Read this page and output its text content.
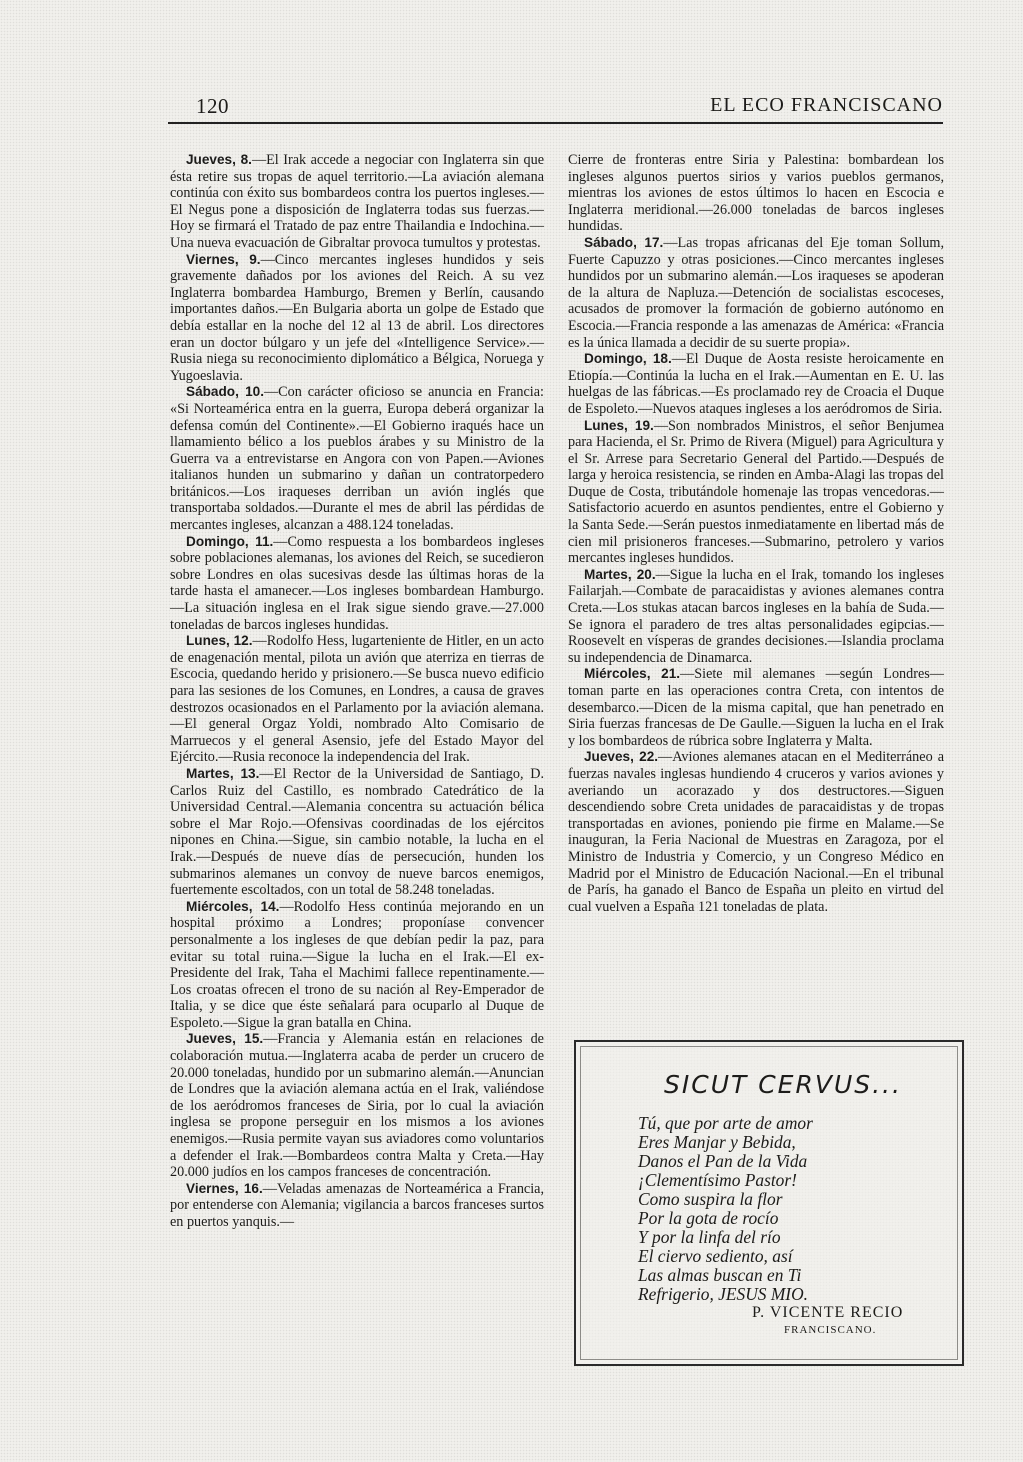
120	EL ECO FRANCISCANO

Jueves, 8.—El Irak accede a negociar con Inglaterra sin que ésta retire sus tropas de aquel territorio.—La aviación alemana continúa con éxito sus bombardeos contra los puertos ingleses.—El Negus pone a disposición de Inglaterra todas sus fuerzas.—Hoy se firmará el Tratado de paz entre Thailandia e Indochina.—Una nueva evacuación de Gibraltar provoca tumultos y protestas.

Viernes, 9.—Cinco mercantes ingleses hundidos y seis gravemente dañados por los aviones del Reich. A su vez Inglaterra bombardea Hamburgo, Bremen y Berlín, causando importantes daños.—En Bulgaria aborta un golpe de Estado que debía estallar en la noche del 12 al 13 de abril. Los directores eran un doctor búlgaro y un jefe del «Intelligence Service».—Rusia niega su reconocimiento diplomático a Bélgica, Noruega y Yugoeslavia.

Sábado, 10.—Con carácter oficioso se anuncia en Francia: «Si Norteamérica entra en la guerra, Europa deberá organizar la defensa común del Continente».—El Gobierno iraqués hace un llamamiento bélico a los pueblos árabes y su Ministro de la Guerra va a entrevistarse en Angora con von Papen.—Aviones italianos hunden un submarino y dañan un contratorpedero británicos.—Los iraqueses derriban un avión inglés que transportaba soldados.—Durante el mes de abril las pérdidas de mercantes ingleses, alcanzan a 488.124 toneladas.

Domingo, 11.—Como respuesta a los bombardeos ingleses sobre poblaciones alemanas, los aviones del Reich, se sucedieron sobre Londres en olas sucesivas desde las últimas horas de la tarde hasta el amanecer.—Los ingleses bombardean Hamburgo.—La situación inglesa en el Irak sigue siendo grave.—27.000 toneladas de barcos ingleses hundidas.

Lunes, 12.—Rodolfo Hess, lugarteniente de Hitler, en un acto de enagenación mental, pilota un avión que aterriza en tierras de Escocia, quedando herido y prisionero.—Se busca nuevo edificio para las sesiones de los Comunes, en Londres, a causa de graves destrozos ocasionados en el Parlamento por la aviación alemana.—El general Orgaz Yoldi, nombrado Alto Comisario de Marruecos y el general Asensio, jefe del Estado Mayor del Ejército.—Rusia reconoce la independencia del Irak.

Martes, 13.—El Rector de la Universidad de Santiago, D. Carlos Ruiz del Castillo, es nombrado Catedrático de la Universidad Central.—Alemania concentra su actuación bélica sobre el Mar Rojo.—Ofensivas coordinadas de los ejércitos nipones en China.—Sigue, sin cambio notable, la lucha en el Irak.—Después de nueve días de persecución, hunden los submarinos alemanes un convoy de nueve barcos enemigos, fuertemente escoltados, con un total de 58.248 toneladas.

Miércoles, 14.—Rodolfo Hess continúa mejorando en un hospital próximo a Londres; proponíase convencer personalmente a los ingleses de que debían pedir la paz, para evitar su total ruina.—Sigue la lucha en el Irak.—El ex-Presidente del Irak, Taha el Machimi fallece repentinamente.—Los croatas ofrecen el trono de su nación al Rey-Emperador de Italia, y se dice que éste señalará para ocuparlo al Duque de Espoleto.—Sigue la gran batalla en China.

Jueves, 15.—Francia y Alemania están en relaciones de colaboración mutua.—Inglaterra acaba de perder un crucero de 20.000 toneladas, hundido por un submarino alemán.—Anuncian de Londres que la aviación alemana actúa en el Irak, valiéndose de los aeródromos franceses de Siria, por lo cual la aviación inglesa se propone perseguir en los mismos a los aviones enemigos.—Rusia permite vayan sus aviadores como voluntarios a defender el Irak.—Bombardeos contra Malta y Creta.—Hay 20.000 judíos en los campos franceses de concentración.

Viernes, 16.—Veladas amenazas de Norteamérica a Francia, por entenderse con Alemania; vigilancia a barcos franceses surtos en puertos yanquis.—

Cierre de fronteras entre Siria y Palestina: bombardean los ingleses algunos puertos sirios y varios pueblos germanos, mientras los aviones de estos últimos lo hacen en Escocia e Inglaterra meridional.—26.000 toneladas de barcos ingleses hundidas.

Sábado, 17.—Las tropas africanas del Eje toman Sollum, Fuerte Capuzzo y otras posiciones.—Cinco mercantes ingleses hundidos por un submarino alemán.—Los iraqueses se apoderan de la altura de Napluza.—Detención de socialistas escoceses, acusados de promover la formación de gobierno autónomo en Escocia.—Francia responde a las amenazas de América: «Francia es la única llamada a decidir de su suerte propia».

Domingo, 18.—El Duque de Aosta resiste heroicamente en Etiopía.—Continúa la lucha en el Irak.—Aumentan en E. U. las huelgas de las fábricas.—Es proclamado rey de Croacia el Duque de Espoleto.—Nuevos ataques ingleses a los aeródromos de Siria.

Lunes, 19.—Son nombrados Ministros, el señor Benjumea para Hacienda, el Sr. Primo de Rivera (Miguel) para Agricultura y el Sr. Arrese para Secretario General del Partido.—Después de larga y heroica resistencia, se rinden en Amba-Alagi las tropas del Duque de Costa, tributándole homenaje las tropas vencedoras.—Satisfactorio acuerdo en asuntos pendientes, entre el Gobierno y la Santa Sede.—Serán puestos inmediatamente en libertad más de cien mil prisioneros franceses.—Submarino, petrolero y varios mercantes ingleses hundidos.

Martes, 20.—Sigue la lucha en el Irak, tomando los ingleses Failarjah.—Combate de paracaidistas y aviones alemanes contra Creta.—Los stukas atacan barcos ingleses en la bahía de Suda.—Se ignora el paradero de tres altas personalidades egipcias.—Roosevelt en vísperas de grandes decisiones.—Islandia proclama su independencia de Dinamarca.

Miércoles, 21.—Siete mil alemanes —según Londres— toman parte en las operaciones contra Creta, con intentos de desembarco.—Dicen de la misma capital, que han penetrado en Siria fuerzas francesas de De Gaulle.—Siguen la lucha en el Irak y los bombardeos de rúbrica sobre Inglaterra y Malta.

Jueves, 22.—Aviones alemanes atacan en el Mediterráneo a fuerzas navales inglesas hundiendo 4 cruceros y varios aviones y averiando un acorazado y dos destructores.—Siguen descendiendo sobre Creta unidades de paracaidistas y de tropas transportadas en aviones, poniendo pie firme en Malame.—Se inauguran, la Feria Nacional de Muestras en Zaragoza, por el Ministro de Industria y Comercio, y un Congreso Médico en Madrid por el Ministro de Educación Nacional.—En el tribunal de París, ha ganado el Banco de España un pleito en virtud del cual vuelven a España 121 toneladas de plata.

SICUT CERVUS...
Tú, que por arte de amor
Eres Manjar y Bebida,
Danos el Pan de la Vida
¡Clementísimo Pastor!
Como suspira la flor
Por la gota de rocío
Y por la linfa del río
El ciervo sediento, así
Las almas buscan en Ti
Refrigerio, JESUS MIO.
P. VICENTE RECIO
FRANCISCANO.
